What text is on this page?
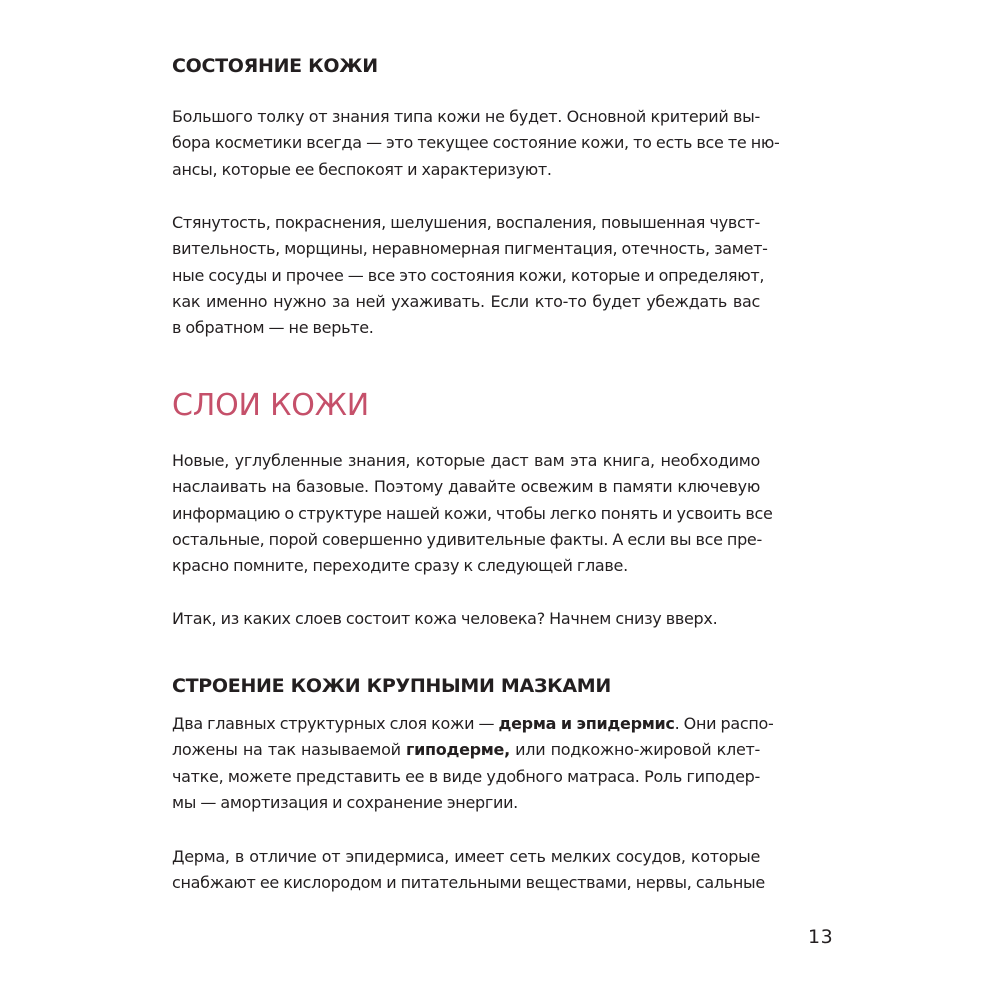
СОСТОЯНИЕ КОЖИ

Большого толку от знания типа кожи не будет. Основной критерий вы-
бора косметики всегда — это текущее состояние кожи, то есть все те ню-
ансы, которые ее беспокоят и характеризуют.

Стянутость, покраснения, шелушения, воспаления, повышенная чувст-
вительность, морщины, неравномерная пигментация, отечность, замет-
ные сосуды и прочее — все это состояния кожи, которые и определяют,
как именно нужно за ней ухаживать. Если кто-то будет убеждать вас
в обратном — не верьте.

СЛОИ КОЖИ

Новые, углубленные знания, которые даст вам эта книга, необходимо
наслаивать на базовые. Поэтому давайте освежим в памяти ключевую
информацию о структуре нашей кожи, чтобы легко понять и усвоить все
остальные, порой совершенно удивительные факты. А если вы все пре-
красно помните, переходите сразу к следующей главе.

Итак, из каких слоев состоит кожа человека? Начнем снизу вверх.

СТРОЕНИЕ КОЖИ КРУПНЫМИ МАЗКАМИ

Два главных структурных слоя кожи — дерма и эпидермис. Они распо-
ложены на так называемой гиподерме, или подкожно-жировой клет-
чатке, можете представить ее в виде удобного матраса. Роль гиподер-
мы — амортизация и сохранение энергии.

Дерма, в отличие от эпидермиса, имеет сеть мелких сосудов, которые
снабжают ее кислородом и питательными веществами, нервы, сальные

13
